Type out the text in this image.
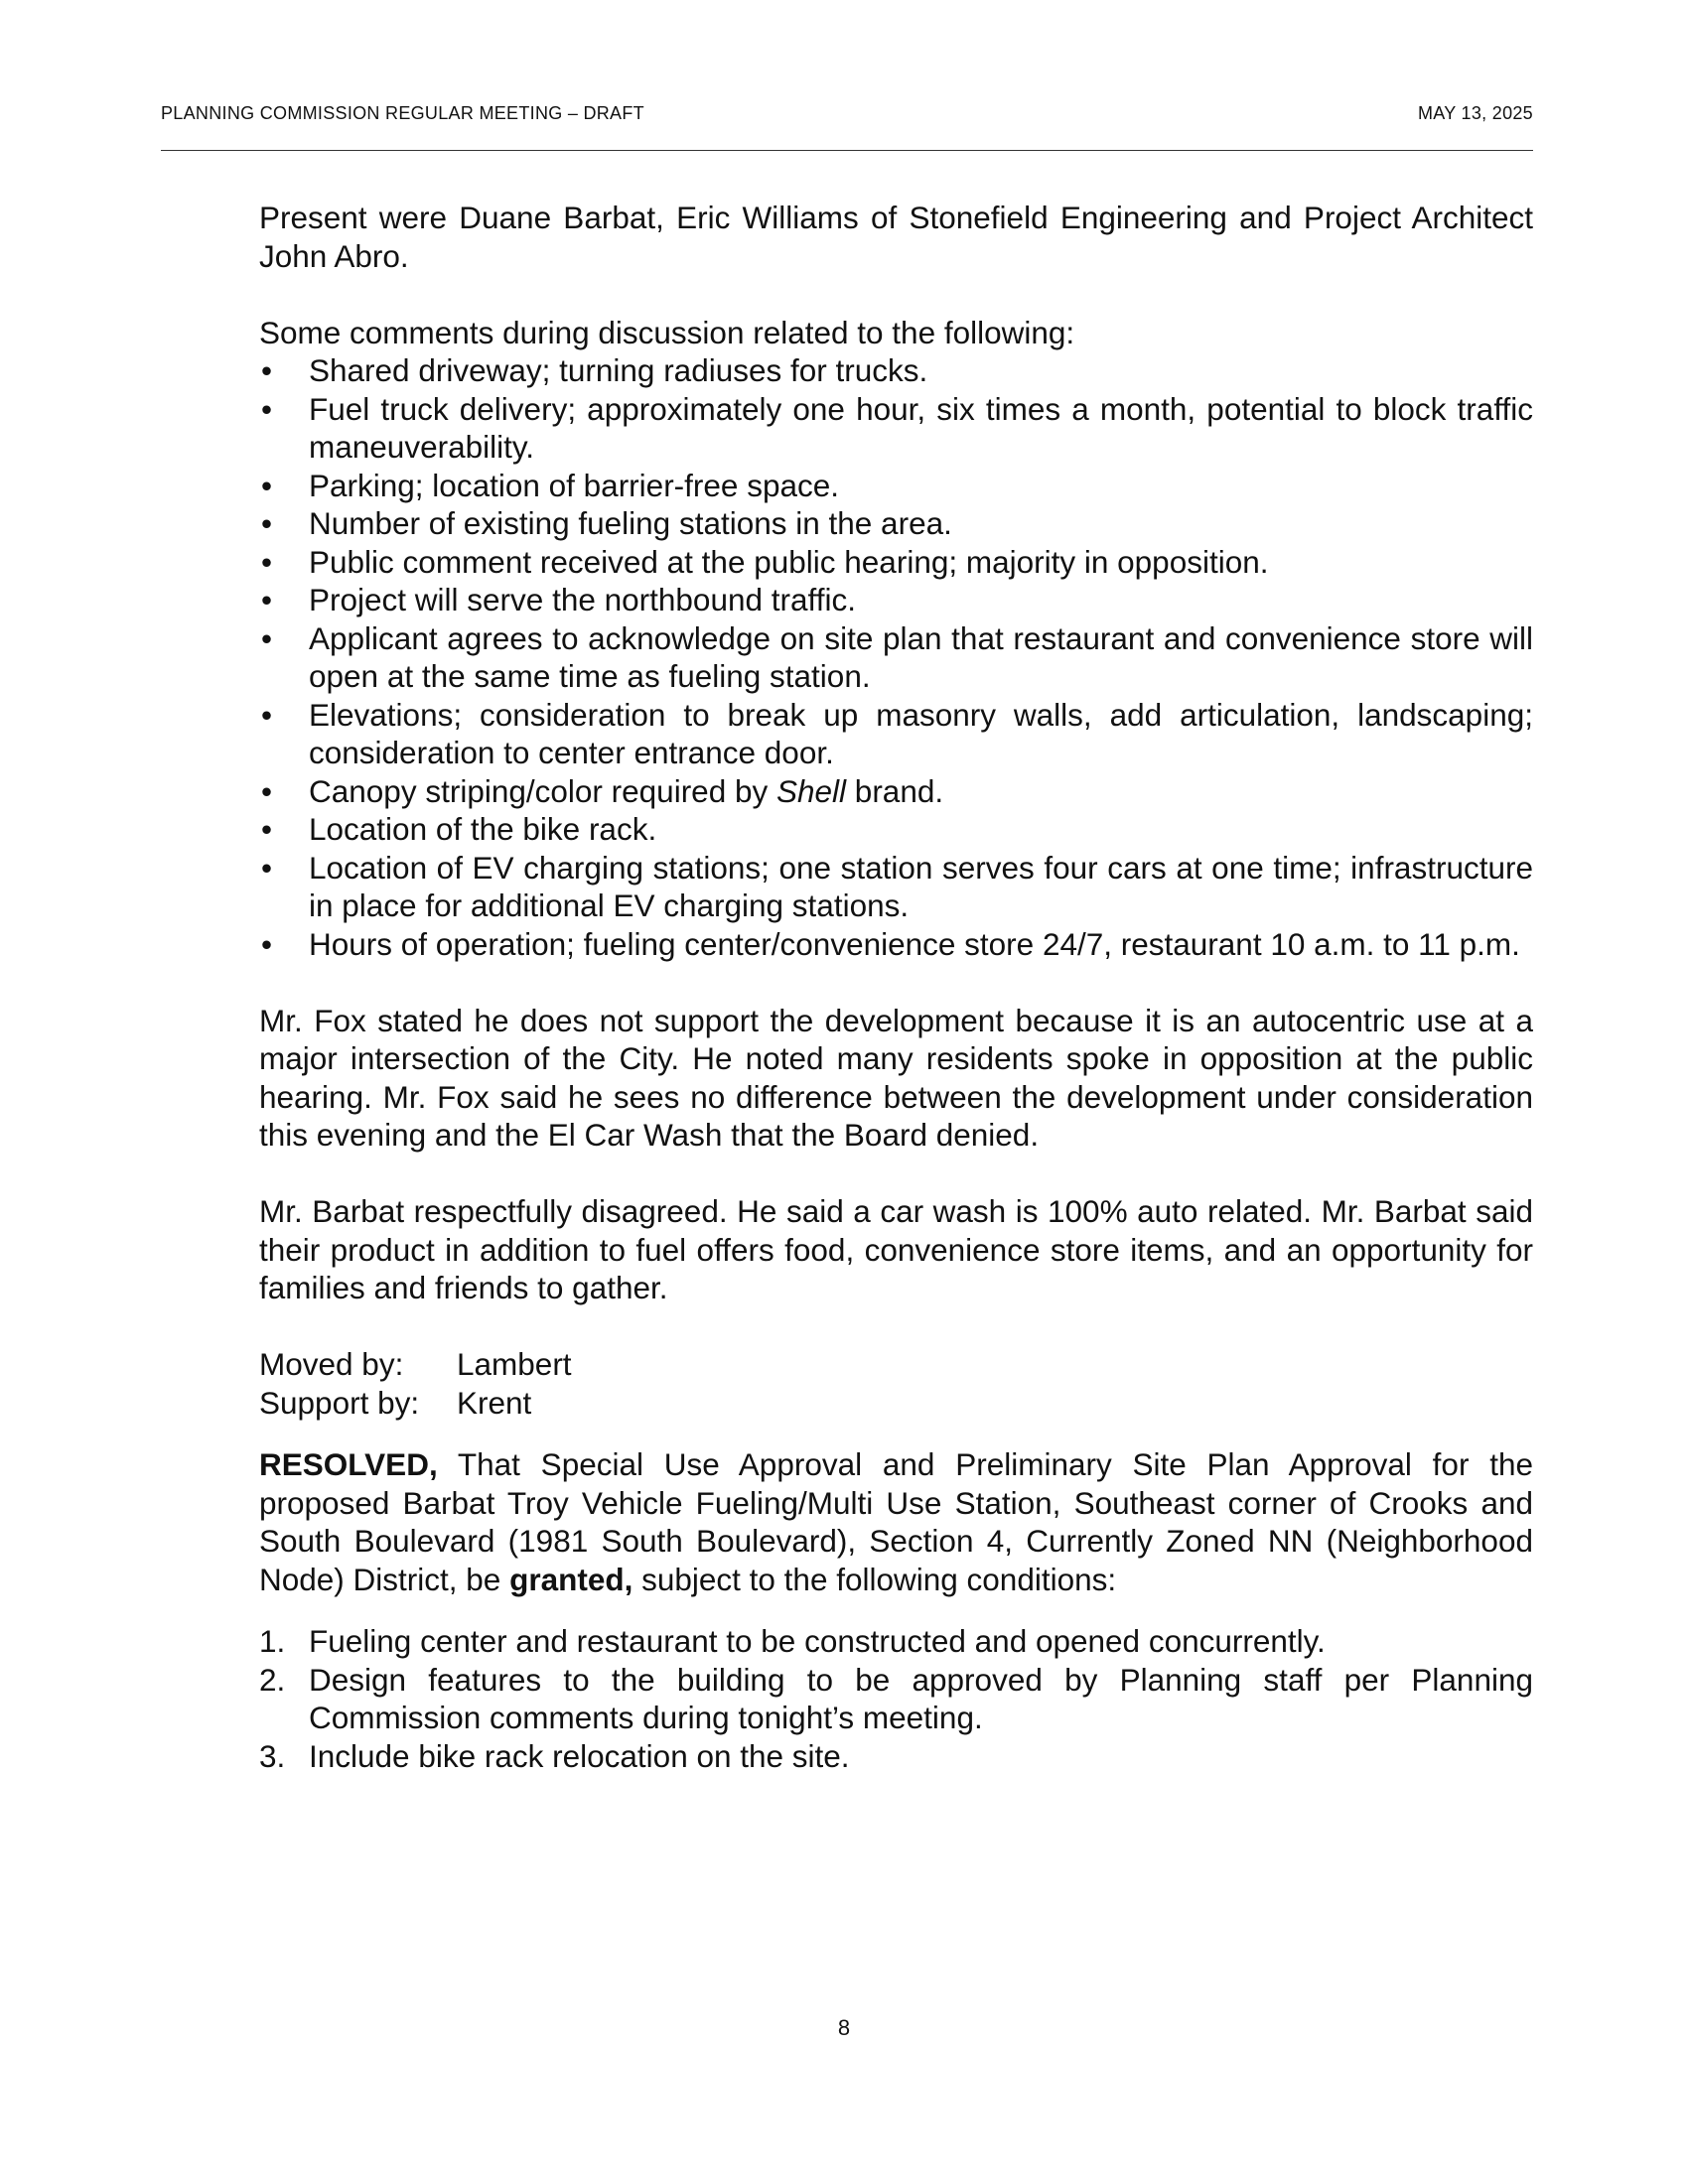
PLANNING COMMISSION REGULAR MEETING – DRAFT	MAY 13, 2025

Present were Duane Barbat, Eric Williams of Stonefield Engineering and Project Architect John Abro.

Some comments during discussion related to the following:

• Shared driveway; turning radiuses for trucks.
• Fuel truck delivery; approximately one hour, six times a month, potential to block traffic maneuverability.
• Parking; location of barrier-free space.
• Number of existing fueling stations in the area.
• Public comment received at the public hearing; majority in opposition.
• Project will serve the northbound traffic.
• Applicant agrees to acknowledge on site plan that restaurant and convenience store will open at the same time as fueling station.
• Elevations; consideration to break up masonry walls, add articulation, landscaping; consideration to center entrance door.
• Canopy striping/color required by Shell brand.
• Location of the bike rack.
• Location of EV charging stations; one station serves four cars at one time; infrastructure in place for additional EV charging stations.
• Hours of operation; fueling center/convenience store 24/7, restaurant 10 a.m. to 11 p.m.

Mr. Fox stated he does not support the development because it is an autocentric use at a major intersection of the City. He noted many residents spoke in opposition at the public hearing. Mr. Fox said he sees no difference between the development under consideration this evening and the El Car Wash that the Board denied.

Mr. Barbat respectfully disagreed. He said a car wash is 100% auto related. Mr. Barbat said their product in addition to fuel offers food, convenience store items, and an opportunity for families and friends to gather.

Moved by:	Lambert
Support by:	Krent

RESOLVED, That Special Use Approval and Preliminary Site Plan Approval for the proposed Barbat Troy Vehicle Fueling/Multi Use Station, Southeast corner of Crooks and South Boulevard (1981 South Boulevard), Section 4, Currently Zoned NN (Neighborhood Node) District, be granted, subject to the following conditions:

1. Fueling center and restaurant to be constructed and opened concurrently.
2. Design features to the building to be approved by Planning staff per Planning Commission comments during tonight’s meeting.
3. Include bike rack relocation on the site.
8
